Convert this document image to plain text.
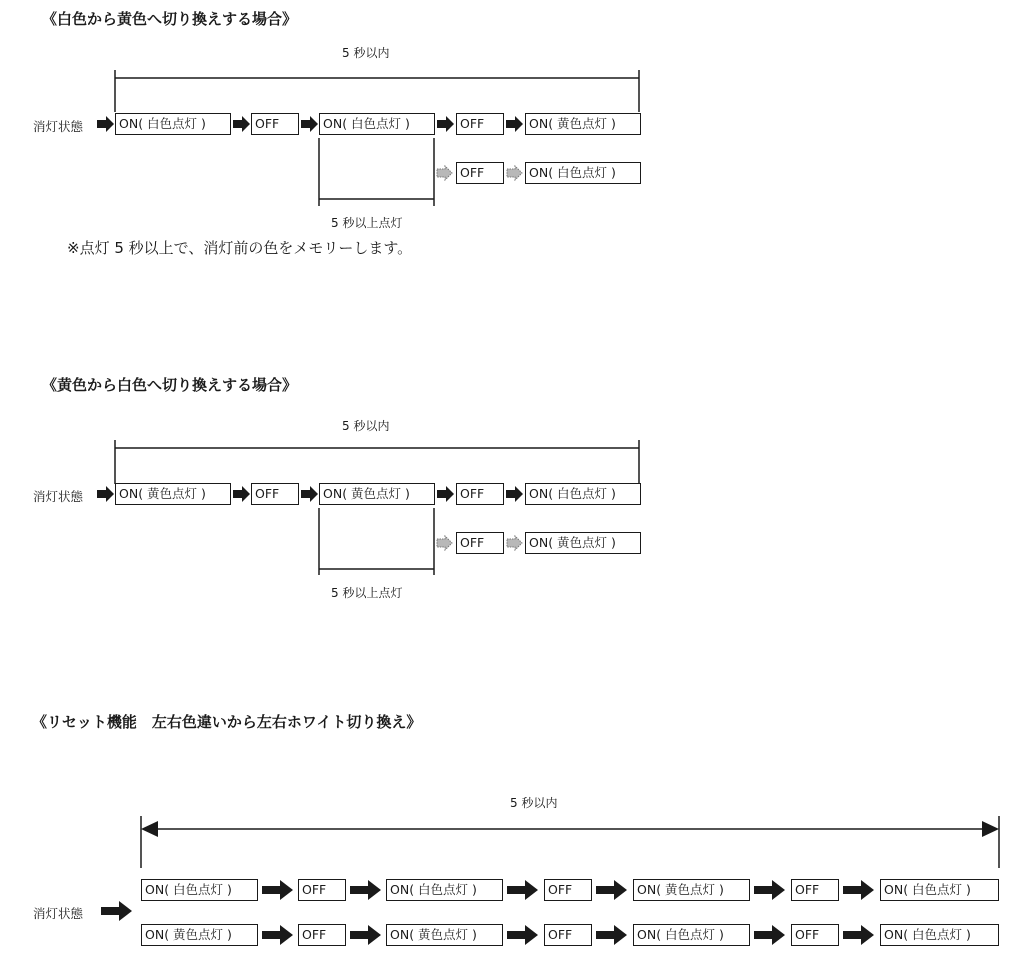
《白色から黄色へ切り換えする場合》
5 秒以内
消灯状態	ON( 白色点灯 )	OFF	ON( 白色点灯 )	OFF	ON( 黄色点灯 )
OFF	ON( 白色点灯 )
5 秒以上点灯
※点灯 5 秒以上で、消灯前の色をメモリーします。
《黄色から白色へ切り換えする場合》
5 秒以内
消灯状態	ON( 黄色点灯 )	OFF	ON( 黄色点灯 )	OFF	ON( 白色点灯 )
OFF	ON( 黄色点灯 )
5 秒以上点灯
《リセット機能　左右色違いから左右ホワイト切り換え》
5 秒以内
消灯状態
ON( 白色点灯 )	OFF	ON( 白色点灯 )	OFF	ON( 黄色点灯 )	OFF	ON( 白色点灯 )
ON( 黄色点灯 )	OFF	ON( 黄色点灯 )	OFF	ON( 白色点灯 )	OFF	ON( 白色点灯 )
